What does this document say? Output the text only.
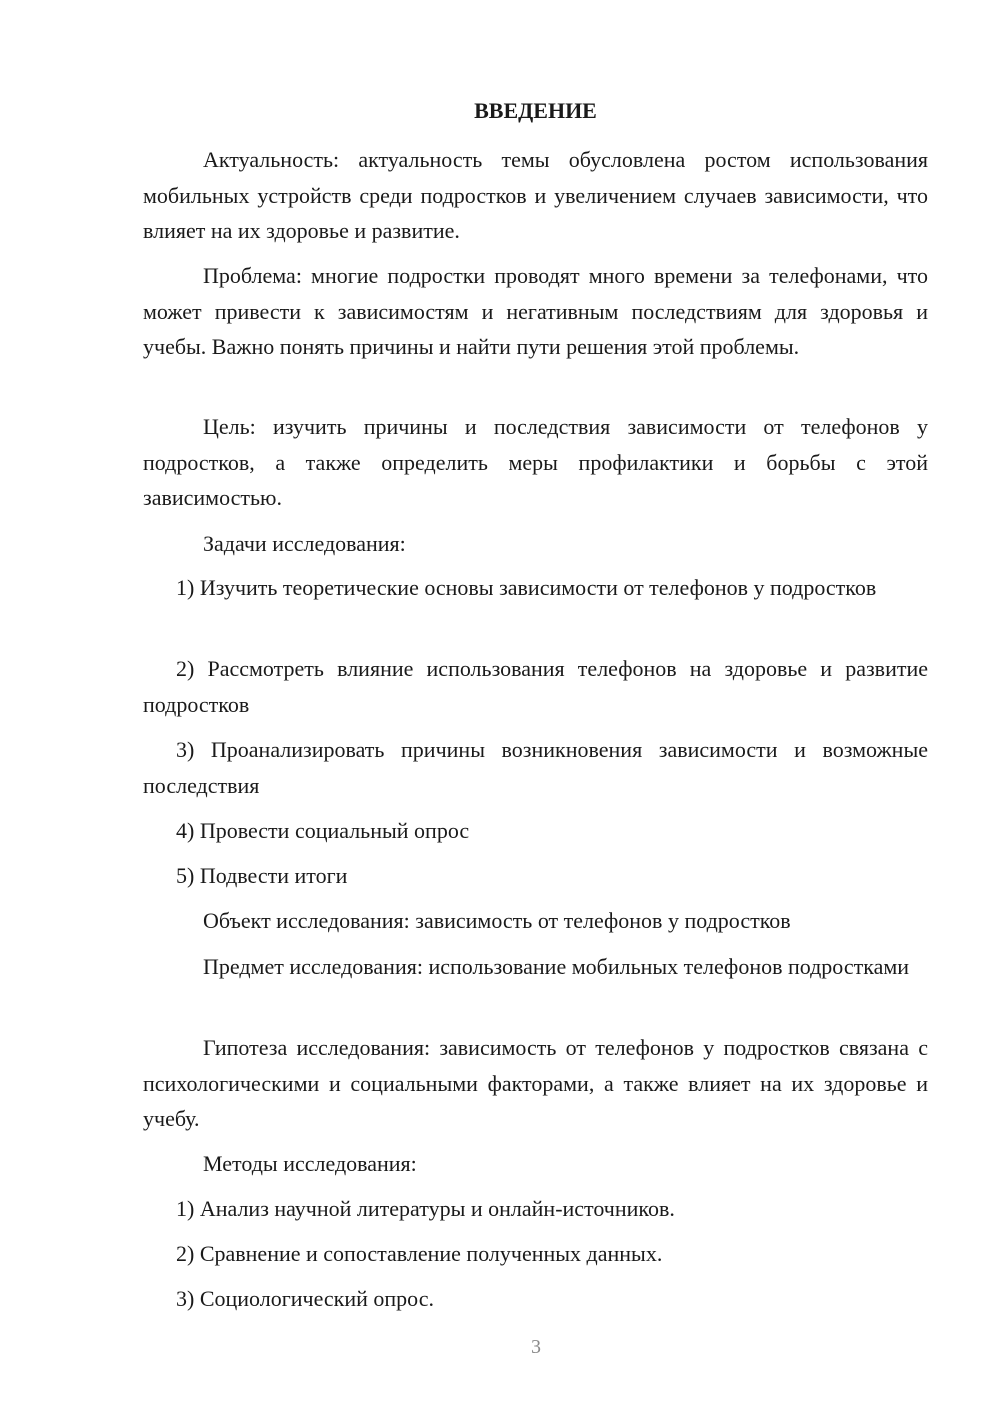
ВВЕДЕНИЕ

Актуальность: актуальность темы обусловлена ростом использования мобильных устройств среди подростков и увеличением случаев зависимости, что влияет на их здоровье и развитие.

Проблема: многие подростки проводят много времени за телефонами, что может привести к зависимостям и негативным последствиям для здоровья и учебы. Важно понять причины и найти пути решения этой проблемы.

Цель: изучить причины и последствия зависимости от телефонов у подростков, а также определить меры профилактики и борьбы с этой зависимостью.

Задачи исследования:

1) Изучить теоретические основы зависимости от телефонов у подростков

2) Рассмотреть влияние использования телефонов на здоровье и развитие подростков

3) Проанализировать причины возникновения зависимости и возможные последствия

4) Провести социальный опрос

5) Подвести итоги

Объект исследования: зависимость от телефонов у подростков

Предмет исследования: использование мобильных телефонов подростками

Гипотеза исследования: зависимость от телефонов у подростков связана с психологическими и социальными факторами, а также влияет на их здоровье и учебу.

Методы исследования:

1) Анализ научной литературы и онлайн-источников.

2) Сравнение и сопоставление полученных данных.

3) Социологический опрос.

3
